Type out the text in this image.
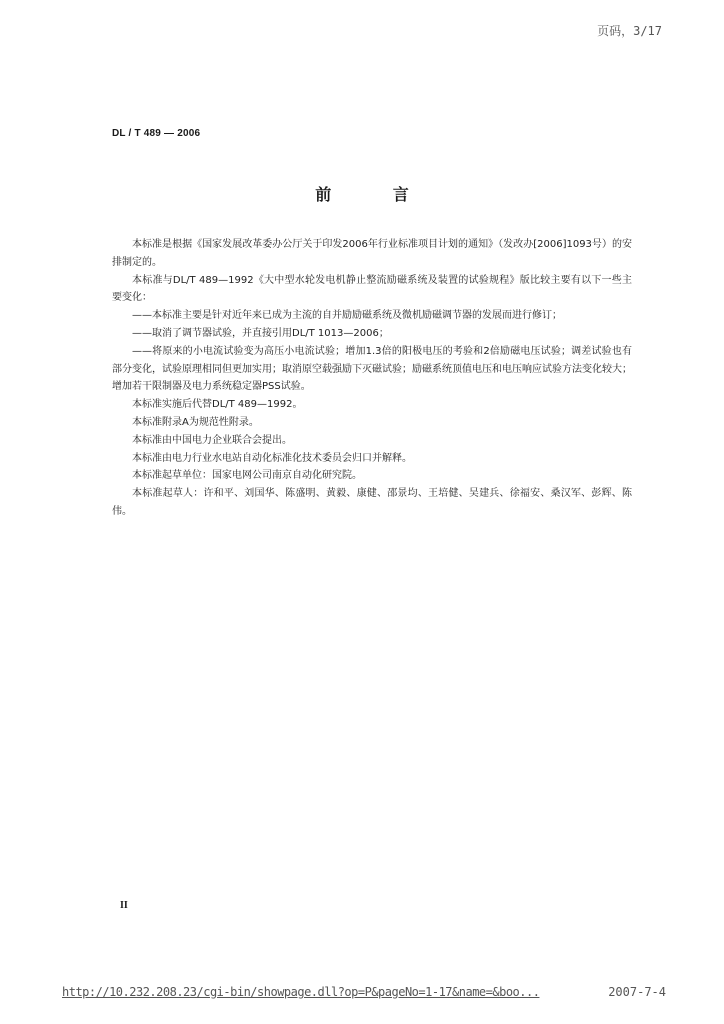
页码，3/17
DL / T 489 — 2006
前 言

本标准是根据《国家发展改革委办公厅关于印发2006年行业标准项目计划的通知》（发改办[2006]1093号）的安排制定的。

本标准与DL/T 489—1992《大中型水轮发电机静止整流励磁系统及装置的试验规程》版比较主要有以下一些主要变化：

——本标准主要是针对近年来已成为主流的自并励励磁系统及微机励磁调节器的发展而进行修订；

——取消了调节器试验，并直接引用DL/T 1013—2006；

——将原来的小电流试验变为高压小电流试验；增加1.3倍的阳极电压的考验和2倍励磁电压试验；调差试验也有部分变化，试验原理相同但更加实用；取消原空载强励下灭磁试验；励磁系统顶值电压和电压响应试验方法变化较大；增加若干限制器及电力系统稳定器PSS试验。

本标准实施后代替DL/T 489—1992。

本标准附录A为规范性附录。

本标准由中国电力企业联合会提出。

本标准由电力行业水电站自动化标准化技术委员会归口并解释。

本标准起草单位：国家电网公司南京自动化研究院。

本标准起草人：许和平、刘国华、陈盛明、黄毅、康健、邵景均、王培健、吴建兵、徐福安、桑汉军、彭辉、陈伟。

II
http://10.232.208.23/cgi-bin/showpage.dll?op=P&pageNo=1-17&name=&boo...	2007-7-4
